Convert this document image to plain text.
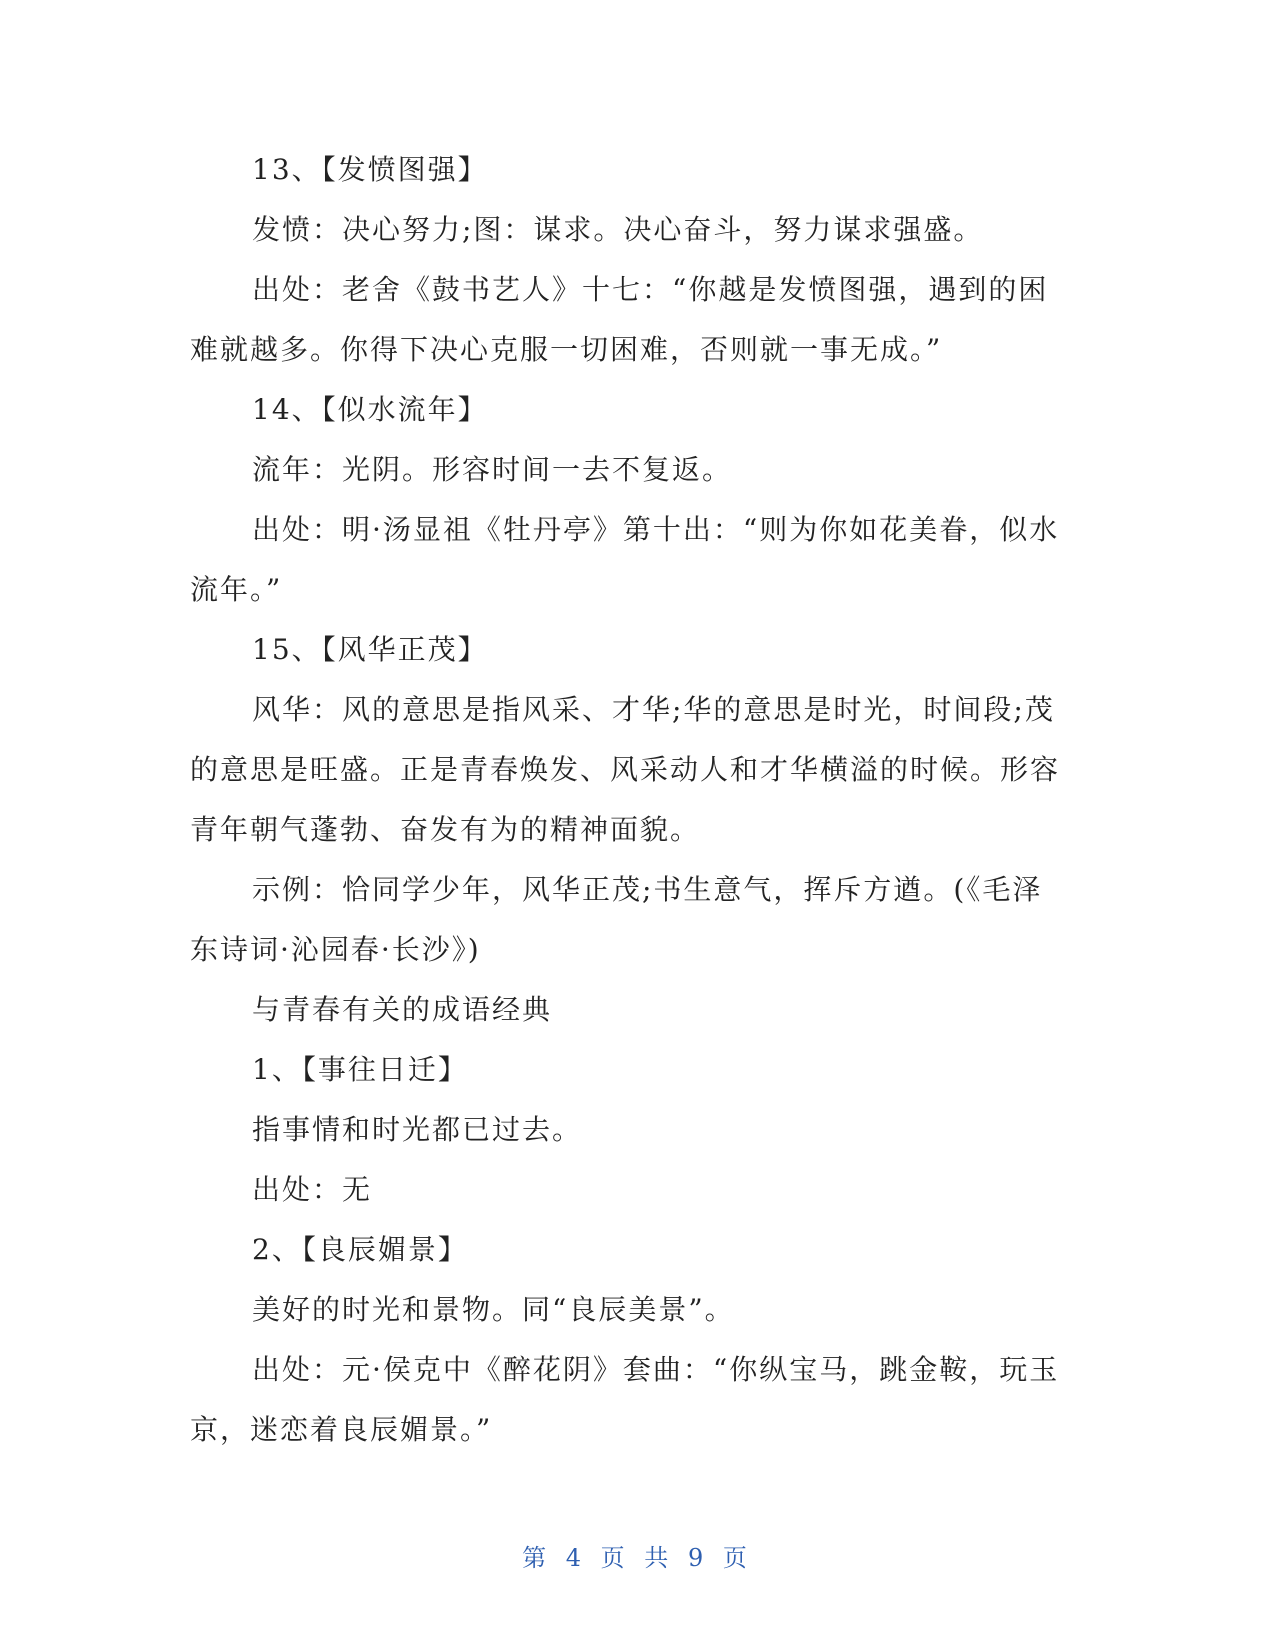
13、【发愤图强】

发愤：决心努力;图：谋求。决心奋斗，努力谋求强盛。

出处：老舍《鼓书艺人》十七：“你越是发愤图强，遇到的困难就越多。你得下决心克服一切困难，否则就一事无成。”

14、【似水流年】

流年：光阴。形容时间一去不复返。

出处：明·汤显祖《牡丹亭》第十出：“则为你如花美眷，似水流年。”

15、【风华正茂】

风华：风的意思是指风采、才华;华的意思是时光，时间段;茂的意思是旺盛。正是青春焕发、风采动人和才华横溢的时候。形容青年朝气蓬勃、奋发有为的精神面貌。

示例：恰同学少年，风华正茂;书生意气，挥斥方遒。(《毛泽东诗词·沁园春·长沙》)

与青春有关的成语经典

1、【事往日迁】

指事情和时光都已过去。

出处：无

2、【良辰媚景】

美好的时光和景物。同“良辰美景”。

出处：元·侯克中《醉花阴》套曲：“你纵宝马，跳金鞍，玩玉京，迷恋着良辰媚景。”

第 4 页 共 9 页
